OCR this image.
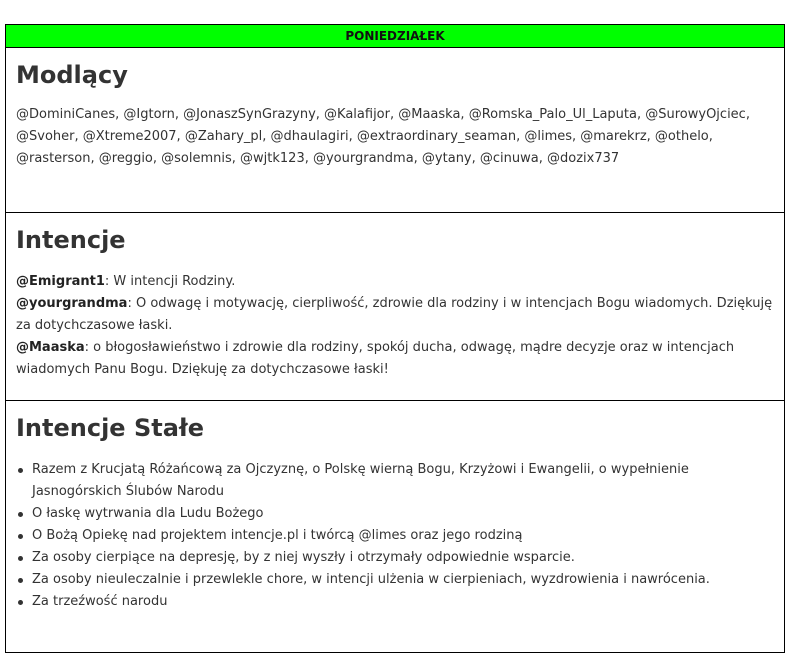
PONIEDZIAŁEK
Modlący

@DominiCanes, @Igtorn, @JonaszSynGrazyny, @Kalafijor, @Maaska, @Romska_Palo_Ul_Laputa, @SurowyOjciec, @Svoher, @Xtreme2007, @Zahary_pl, @dhaulagiri, @extraordinary_seaman, @limes, @marekrz, @othelo, @rasterson, @reggio, @solemnis, @wjtk123, @yourgrandma, @ytany, @cinuwa, @dozix737

Intencje

@Emigrant1: W intencji Rodziny.

@yourgrandma: O odwagę i motywację, cierpliwość, zdrowie dla rodziny i w intencjach Bogu wiadomych. Dziękuję za dotychczasowe łaski.

@Maaska: o błogosławieństwo i zdrowie dla rodziny, spokój ducha, odwagę, mądre decyzje oraz w intencjach wiadomych Panu Bogu. Dziękuję za dotychczasowe łaski!

Intencje Stałe
Razem z Krucjatą Różańcową za Ojczyznę, o Polskę wierną Bogu, Krzyżowi i Ewangelii, o wypełnienie Jasnogórskich Ślubów Narodu
O łaskę wytrwania dla Ludu Bożego
O Bożą Opiekę nad projektem intencje.pl i twórcą @limes oraz jego rodziną
Za osoby cierpiące na depresję, by z niej wyszły i otrzymały odpowiednie wsparcie.
Za osoby nieuleczalnie i przewlekle chore, w intencji ulżenia w cierpieniach, wyzdrowienia i nawrócenia.
Za trzeźwość narodu
